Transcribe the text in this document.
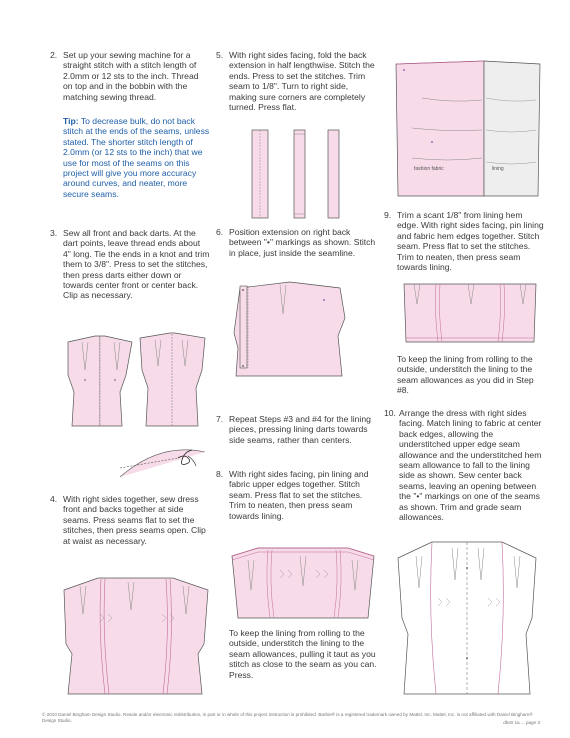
2. Set up your sewing machine for a straight stitch with a stitch length of 2.0mm or 12 sts to the inch. Thread on top and in the bobbin with the matching sewing thread.
Tip: To decrease bulk, do not back stitch at the ends of the seams, unless stated. The shorter stitch length of 2.0mm (or 12 sts to the inch) that we use for most of the seams on this project will give you more accuracy around curves, and neater, more secure seams.
3. Sew all front and back darts. At the dart points, leave thread ends about 4" long. Tie the ends in a knot and trim them to 3/8". Press to set the stitches, then press darts either down or towards center front or center back. Clip as necessary.
4. With right sides together, sew dress front and backs together at side seams. Press seams flat to set the stitches, then press seams open. Clip at waist as necessary.
5. With right sides facing, fold the back extension in half lengthwise. Stitch the ends. Press to set the stitches. Trim seam to 1/8". Turn to right side, making sure corners are completely turned. Press flat.
6. Position extension on right back between "•" markings as shown. Stitch in place, just inside the seamline.
7. Repeat Steps #3 and #4 for the lining pieces, pressing lining darts towards side seams, rather than centers.
8. With right sides facing, pin lining and fabric upper edges together. Stitch seam. Press flat to set the stitches. Trim to neaten, then press seam towards lining.
To keep the lining from rolling to the outside, understitch the lining to the seam allowances, pulling it taut as you stitch as close to the seam as you can. Press.
fashion fabric	lining
9. Trim a scant 1/8" from lining hem edge. With right sides facing, pin lining and fabric hem edges together. Stitch seam. Press flat to set the stitches. Trim to neaten, then press seam towards lining.
To keep the lining from rolling to the outside, understitch the lining to the seam allowances as you did in Step #8.
10. Arrange the dress with right sides facing. Match lining to fabric at center back edges, allowing the understitched upper edge seam allowance and the understitched hem seam allowance to fall to the lining side as shown. Sew center back seams, leaving an opening between the "•" markings on one of the seams as shown. Trim and grade seam allowances.
© 2010 Daniel Bingham Design Studio. Resale and/or electronic redistribution, in part or in whole of this project instruction is prohibited. Barbie® is a registered trademark owned by Mattel, Inc. Mattel, Inc. is not affiliated with Daniel Bingham® Design Studio.	dbs0 1a ... page 3
